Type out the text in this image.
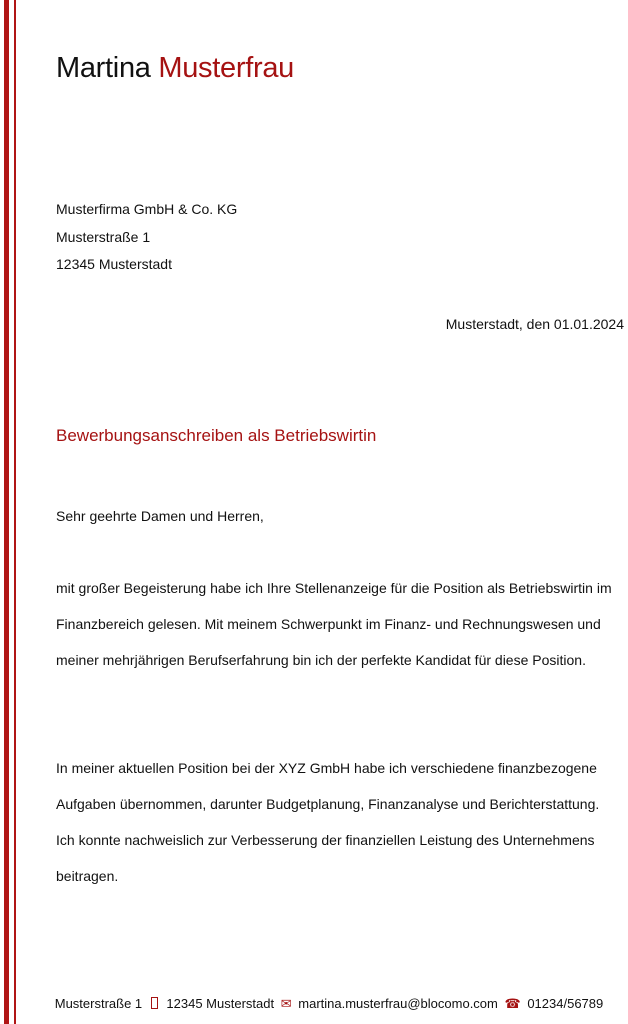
Martina Musterfrau
Musterfirma GmbH & Co. KG
Musterstraße 1
12345 Musterstadt
Musterstadt, den 01.01.2024
Bewerbungsanschreiben als Betriebswirtin
Sehr geehrte Damen und Herren,
mit großer Begeisterung habe ich Ihre Stellenanzeige für die Position als Betriebswirtin im Finanzbereich gelesen. Mit meinem Schwerpunkt im Finanz- und Rechnungswesen und meiner mehrjährigen Berufserfahrung bin ich der perfekte Kandidat für diese Position.
In meiner aktuellen Position bei der XYZ GmbH habe ich verschiedene finanzbezogene Aufgaben übernommen, darunter Budgetplanung, Finanzanalyse und Berichterstattung. Ich konnte nachweislich zur Verbesserung der finanziellen Leistung des Unternehmens beitragen.
Musterstraße 1 12345 Musterstadt ✉ martina.musterfrau@blocomo.com ☎ 01234/56789
